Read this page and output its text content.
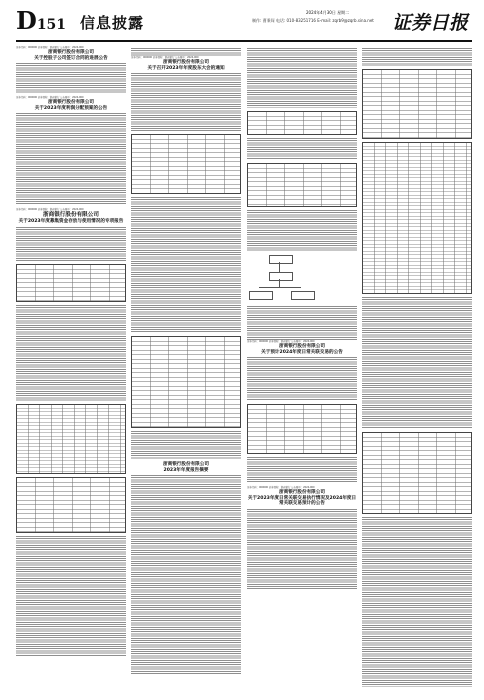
D151 信息披露
2024年4月30日 星期二
制作: 曹秉琛 电话: 010-83251716 E-mail: zqrb9@zqrb.sina.net 证券日报
证券代码：000000 证券简称：浙商银行 公告编号：2024-000
浙商银行股份有限公司
关于控股子公司签订合同的进展公告
证券代码：000000 证券简称：浙商银行 公告编号：2024-000
浙商银行股份有限公司
关于2023年度利润分配预案的公告
证券代码：000000 证券简称：浙商银行 公告编号：2024-000
浙商银行股份有限公司
关于2023年度募集资金存放与使用情况的专项报告
证券代码：000000 证券简称：浙商银行 公告编号：2024-000
浙商银行股份有限公司
关于召开2023年年度股东大会的通知
浙商银行股份有限公司
2023年年度报告摘要
证券代码：000000 证券简称：浙商银行 公告编号：2024-000
浙商银行股份有限公司
关于预计2024年度日常关联交易的公告
证券代码：000000 证券简称：浙商银行 公告编号：2024-000
浙商银行股份有限公司
关于2023年度日常关联交易执行情况及2024年度日常关联交易预计的公告
